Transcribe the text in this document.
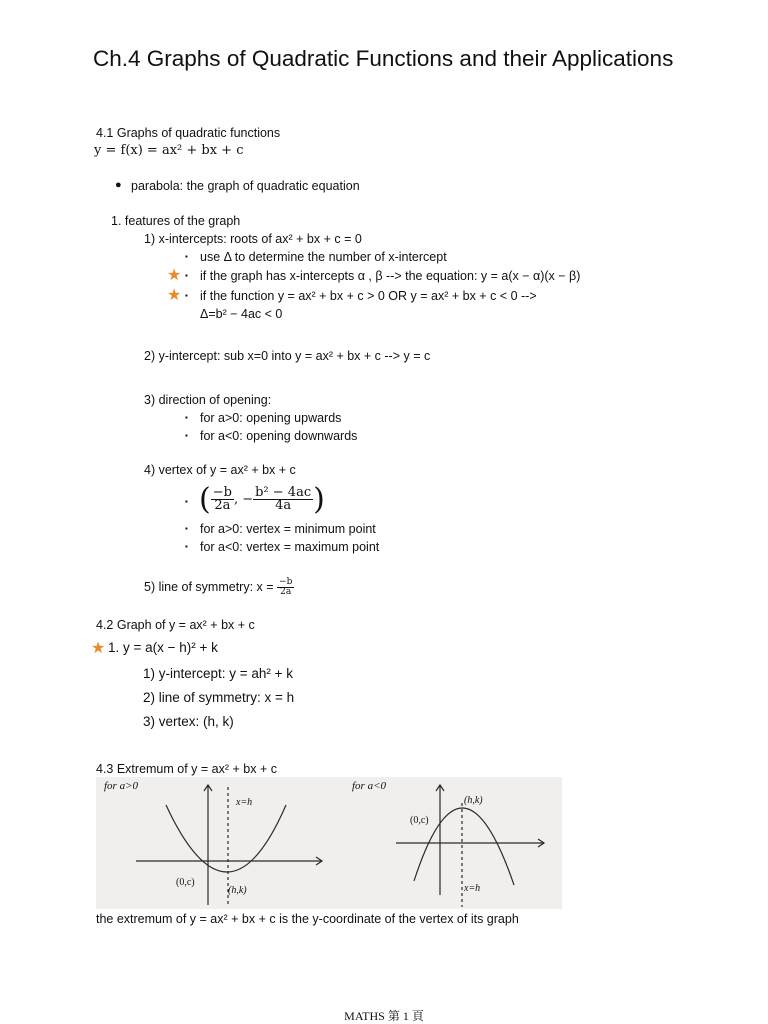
Ch.4 Graphs of Quadratic Functions and their Applications
4.1 Graphs of quadratic functions
y = f(x) = ax² + bx + c
● parabola: the graph of quadratic equation
1. features of the graph
1) x-intercepts: roots of ax² + bx + c = 0
▪ use Δ to determine the number of x-intercept
★ ▪ if the graph has x-intercepts α , β --> the equation: y = a(x − α)(x − β)
★ ▪ if the function y = ax² + bx + c > 0 OR y = ax² + bx + c < 0 -->
Δ=b² − 4ac < 0
2) y-intercept: sub x=0 into y = ax² + bx + c --> y = c
3) direction of opening:
▪ for a>0: opening upwards
▪ for a<0: opening downwards
4) vertex of y = ax² + bx + c
▪ ( $\frac{-b}{2a}$ , − $\frac{\text{b² − 4ac}}{4a}$ )
▪ for a>0: vertex = minimum point
▪ for a<0: vertex = maximum point
5) line of symmetry: $x = \frac{-b}{2a}$
4.2 Graph of y = ax² + bx + c
★ 1. y = a(x − h)² + k
1) y-intercept: y = ah² + k
2) line of symmetry: x = h
3) vertex: (h, k)
4.3 Extremum of y = ax² + bx + c
for a>0
x=h
(0,c)
(h,k)
for a<0
(h,k)
(0,c)
x=h
the extremum of y = ax² + bx + c is the y-coordinate of the vertex of its graph
MATHS 第 1 頁
